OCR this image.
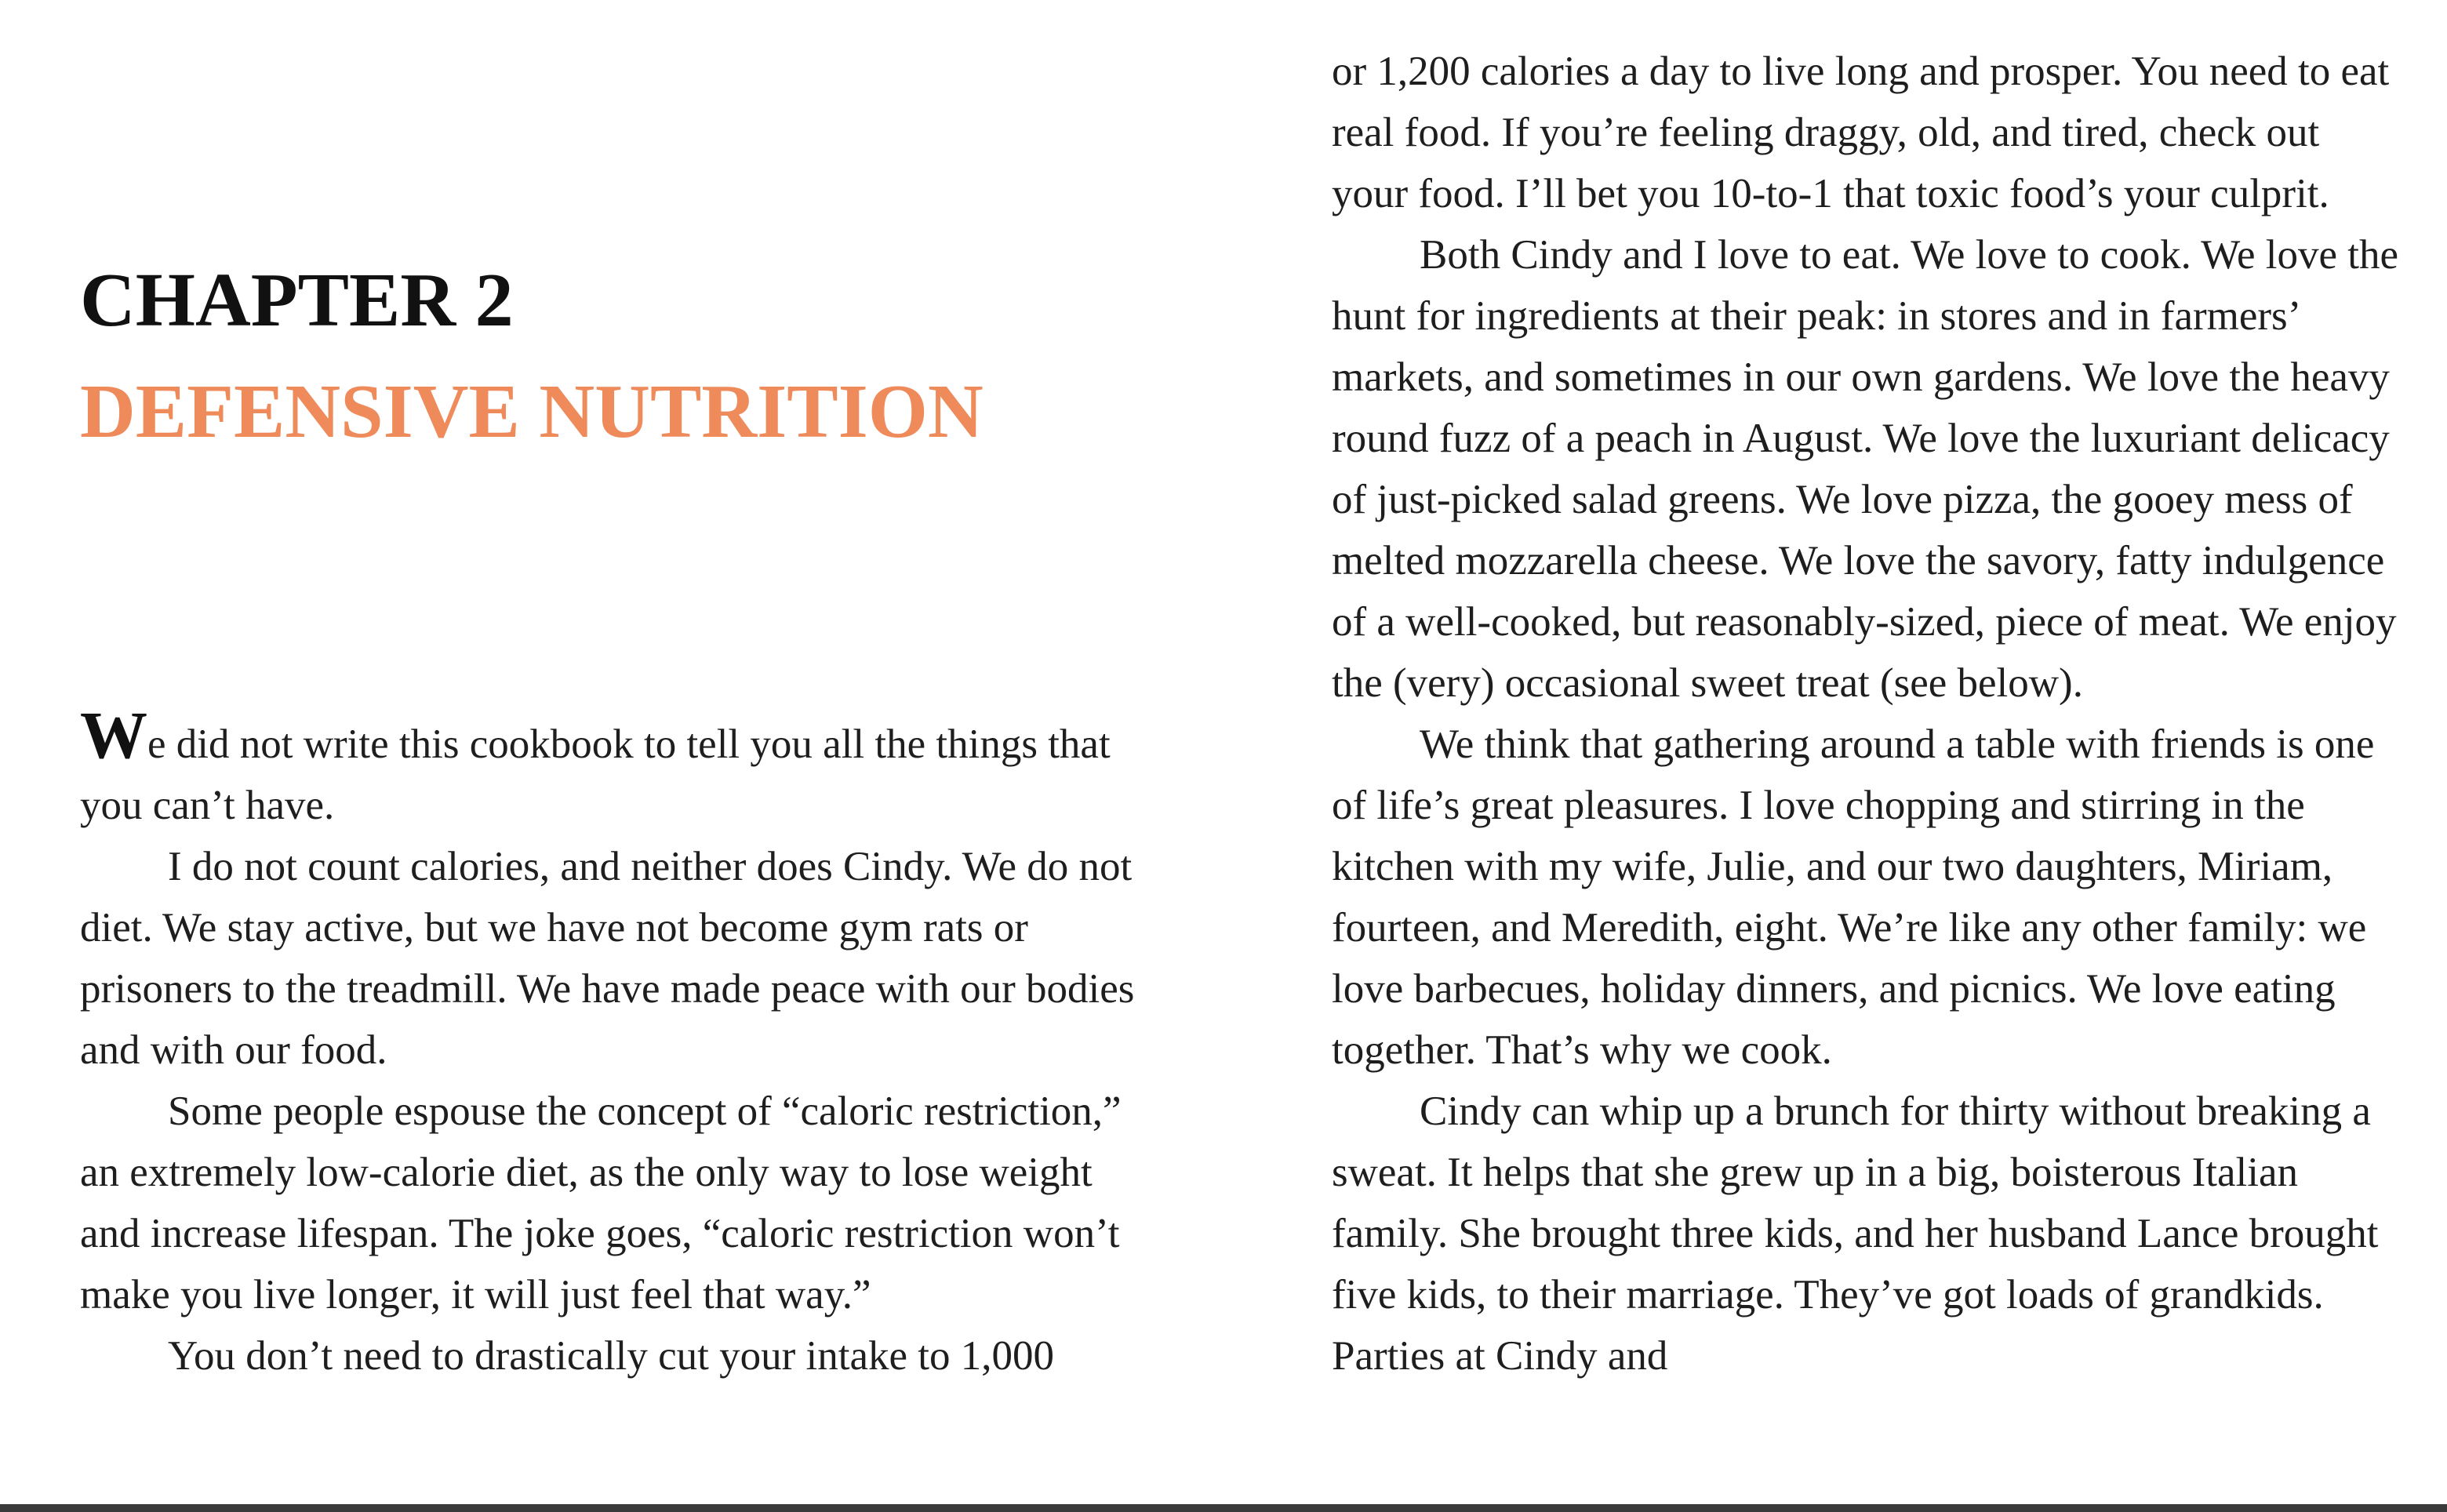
CHAPTER 2
DEFENSIVE NUTRITION

We did not write this cookbook to tell you all the things that you can’t have.

I do not count calories, and neither does Cindy. We do not diet. We stay active, but we have not become gym rats or prisoners to the treadmill. We have made peace with our bodies and with our food.

Some people espouse the concept of “caloric restriction,” an extremely low-calorie diet, as the only way to lose weight and increase lifespan. The joke goes, “caloric restriction won’t make you live longer, it will just feel that way.”

You don’t need to drastically cut your intake to 1,000

or 1,200 calories a day to live long and prosper. You need to eat real food. If you’re feeling draggy, old, and tired, check out your food. I’ll bet you 10-to-1 that toxic food’s your culprit.

Both Cindy and I love to eat. We love to cook. We love the hunt for ingredients at their peak: in stores and in farmers’ markets, and sometimes in our own gardens. We love the heavy round fuzz of a peach in August. We love the luxuriant delicacy of just-picked salad greens. We love pizza, the gooey mess of melted mozzarella cheese. We love the savory, fatty indulgence of a well-cooked, but reasonably-sized, piece of meat. We enjoy the (very) occasional sweet treat (see below).

We think that gathering around a table with friends is one of life’s great pleasures. I love chopping and stirring in the kitchen with my wife, Julie, and our two daughters, Miriam, fourteen, and Meredith, eight. We’re like any other family: we love barbecues, holiday dinners, and picnics. We love eating together. That’s why we cook.

Cindy can whip up a brunch for thirty without breaking a sweat. It helps that she grew up in a big, boisterous Italian family. She brought three kids, and her husband Lance brought five kids, to their marriage. They’ve got loads of grandkids. Parties at Cindy and
